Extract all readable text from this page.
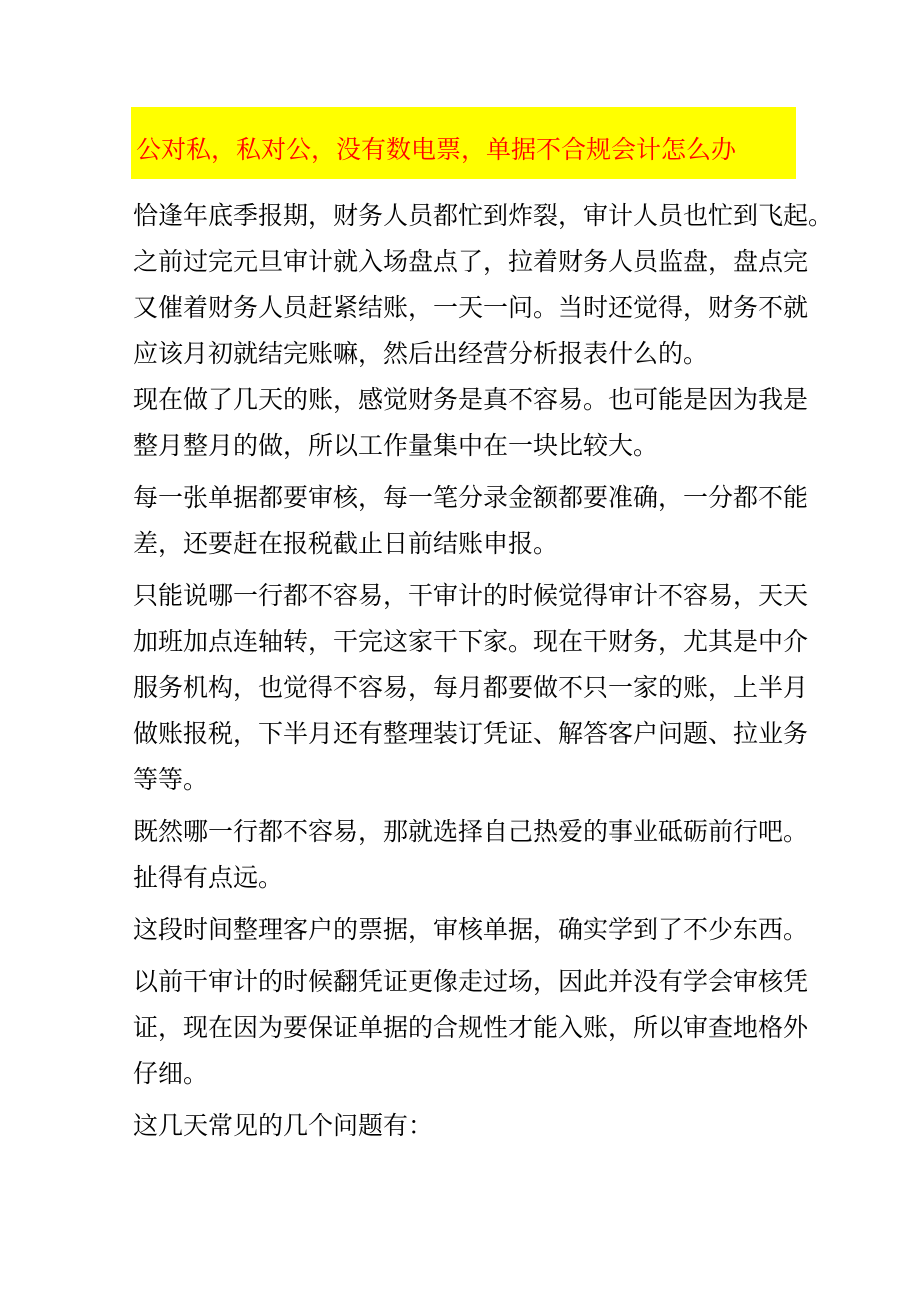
公对私，私对公，没有数电票，单据不合规会计怎么办
恰逢年底季报期，财务人员都忙到炸裂，审计人员也忙到飞起。
之前过完元旦审计就入场盘点了，拉着财务人员监盘，盘点完
又催着财务人员赶紧结账，一天一问。当时还觉得，财务不就
应该月初就结完账嘛，然后出经营分析报表什么的。
现在做了几天的账，感觉财务是真不容易。也可能是因为我是
整月整月的做，所以工作量集中在一块比较大。
每一张单据都要审核，每一笔分录金额都要准确，一分都不能
差，还要赶在报税截止日前结账申报。
只能说哪一行都不容易，干审计的时候觉得审计不容易，天天
加班加点连轴转，干完这家干下家。现在干财务，尤其是中介
服务机构，也觉得不容易，每月都要做不只一家的账，上半月
做账报税，下半月还有整理装订凭证、解答客户问题、拉业务
等等。
既然哪一行都不容易，那就选择自己热爱的事业砥砺前行吧。
扯得有点远。
这段时间整理客户的票据，审核单据，确实学到了不少东西。
以前干审计的时候翻凭证更像走过场，因此并没有学会审核凭
证，现在因为要保证单据的合规性才能入账，所以审查地格外
仔细。
这几天常见的几个问题有：
